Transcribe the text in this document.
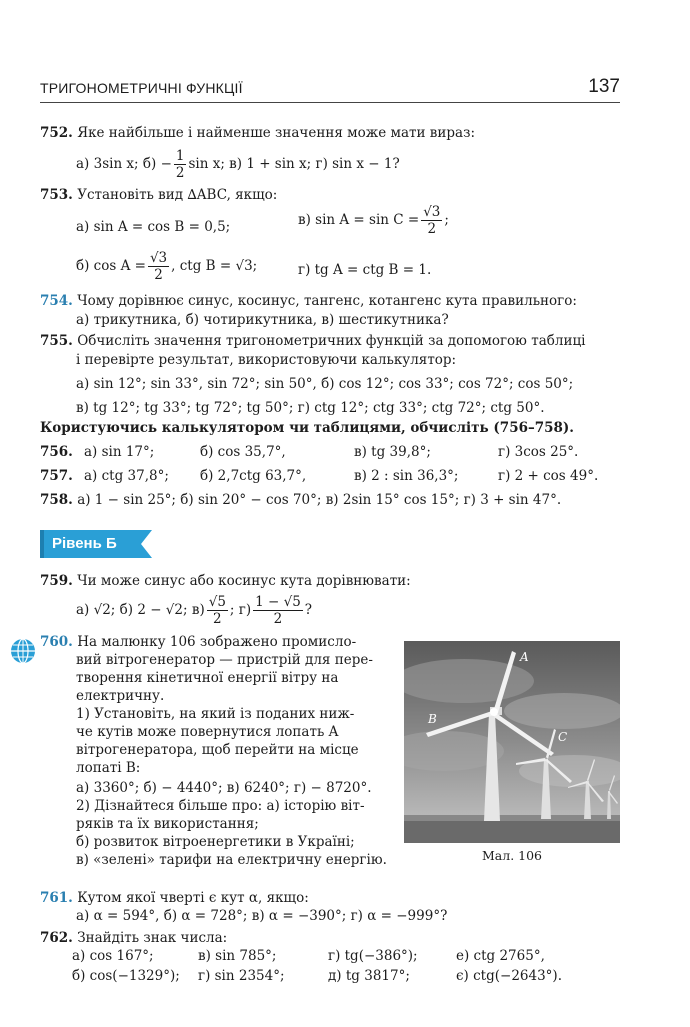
ТРИГОНОМЕТРИЧНІ ФУНКЦІЇ	137
752. Яке найбільше і найменше значення може мати вираз:
а) 3sin x; $б) - \frac{1}{2}$ sin x; в) 1 + sin x; г) sin x − 1?
753. Установіть вид ∆ABC, якщо:
а) sin A = cos B = 0,5;	в) $\sin A = \sin C = \frac{√3}{2}$ ;
б) $\cos A = \frac{√3}{2}$ , ctg B = √3;	г) tg A = ctg B = 1.
754. Чому дорівнює синус, косинус, тангенс, котангенс кута правильного:
а) трикутника, б) чотирикутника, в) шестикутника?
755. Обчисліть значення тригонометричних функцій за допомогою таблиці
і перевірте результат, використовуючи калькулятор:
а) sin 12°; sin 33°, sin 72°; sin 50°, б) cos 12°; cos 33°; cos 72°; cos 50°;
в) tg 12°; tg 33°; tg 72°; tg 50°; г) ctg 12°; ctg 33°; ctg 72°; ctg 50°.
Користуючись калькулятором чи таблицями, обчисліть (756–758).
756. а) sin 17°;	б) cos 35,7°,	в) tg 39,8°;	г) 3cos 25°.
757. а) ctg 37,8°; б) 2,7ctg 63,7°,	в) 2 : sin 36,3°;	г) 2 + cos 49°.
758. а) 1 − sin 25°; б) sin 20° − cos 70°; в) 2sin 15° cos 15°; г) 3 + sin 47°.
Рівень Б
759. Чи може синус або косинус кута дорівнювати:
а) √2; б) 2 − √2; $в) \frac{√5}{2}$ ; $г) \frac{1 - √5}{2}$ ?
760. На малюнку 106 зображено промисло-
вий вітрогенератор — пристрій для пере-
творення кінетичної енергії вітру на
електричну.
1) Установіть, на який із поданих ниж-
че кутів може повернутися лопать A
вітрогенератора, щоб перейти на місце
лопаті B:
а) 3360°; б) − 4440°; в) 6240°; г) − 8720°.
2) Дізнайтеся більше про: а) історію віт-
ряків та їх використання;
б) розвиток вітроенергетики в Україні;
в) «зелені» тарифи на електричну енергію.
A
B
C
Мал. 106
761. Кутом якої чверті є кут α, якщо:
а) α = 594°, б) α = 728°; в) α = −390°; г) α = −999°?
762. Знайдіть знак числа:
а) cos 167°;	в) sin 785°;	г) tg(−386°);	е) ctg 2765°,
б) cos(−1329°); г) sin 2354°;	д) tg 3817°;	є) ctg(−2643°).
